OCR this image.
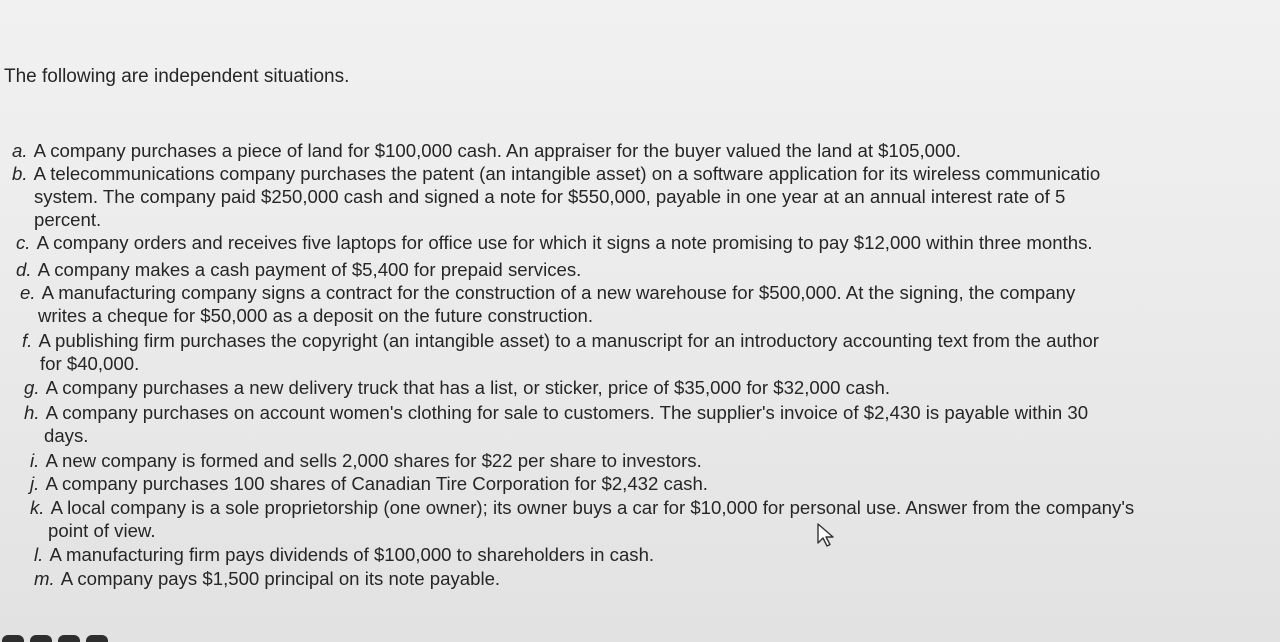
The following are independent situations.
a. A company purchases a piece of land for $100,000 cash. An appraiser for the buyer valued the land at $105,000.
b. A telecommunications company purchases the patent (an intangible asset) on a software application for its wireless communicatio
system. The company paid $250,000 cash and signed a note for $550,000, payable in one year at an annual interest rate of 5
percent.
c. A company orders and receives five laptops for office use for which it signs a note promising to pay $12,000 within three months.
d. A company makes a cash payment of $5,400 for prepaid services.
e. A manufacturing company signs a contract for the construction of a new warehouse for $500,000. At the signing, the company
writes a cheque for $50,000 as a deposit on the future construction.
f. A publishing firm purchases the copyright (an intangible asset) to a manuscript for an introductory accounting text from the author
for $40,000.
g. A company purchases a new delivery truck that has a list, or sticker, price of $35,000 for $32,000 cash.
h. A company purchases on account women's clothing for sale to customers. The supplier's invoice of $2,430 is payable within 30
days.
i. A new company is formed and sells 2,000 shares for $22 per share to investors.
j. A company purchases 100 shares of Canadian Tire Corporation for $2,432 cash.
k. A local company is a sole proprietorship (one owner); its owner buys a car for $10,000 for personal use. Answer from the company's
point of view.
l. A manufacturing firm pays dividends of $100,000 to shareholders in cash.
m. A company pays $1,500 principal on its note payable.
